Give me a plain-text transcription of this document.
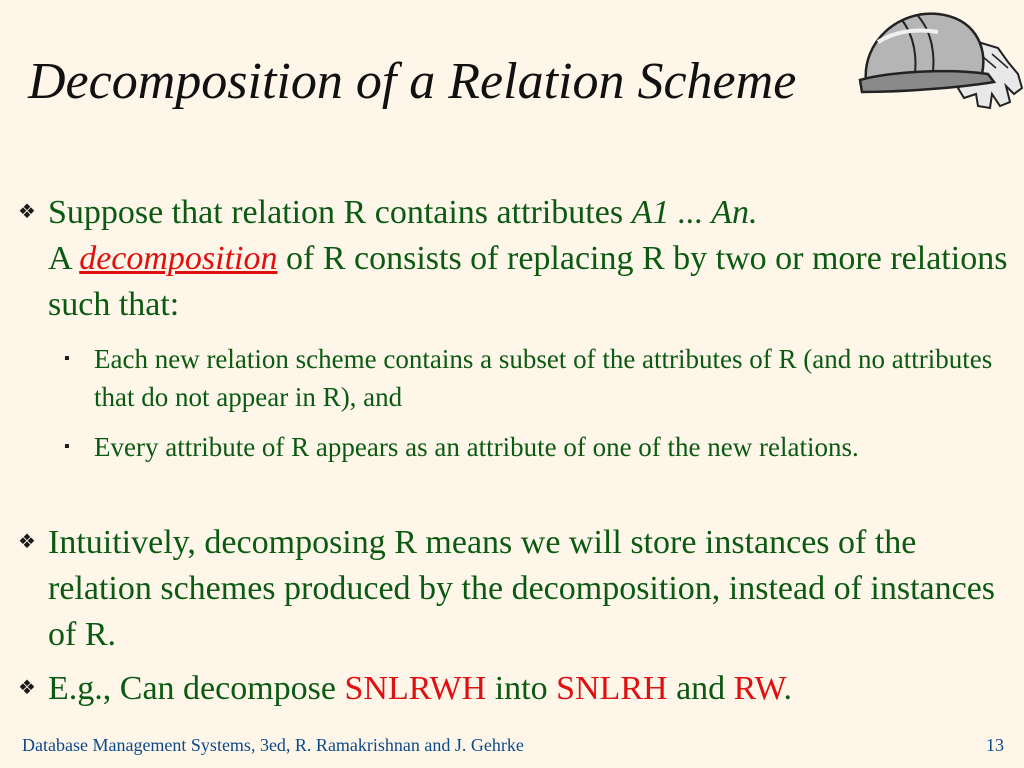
Decomposition of a Relation Scheme
❖ Suppose that relation R contains attributes A1 ... An.
A decomposition of R consists of replacing R by two or more relations such that:
▪ Each new relation scheme contains a subset of the attributes of R (and no attributes that do not appear in R), and
▪ Every attribute of R appears as an attribute of one of the new relations.
❖ Intuitively, decomposing R means we will store instances of the relation schemes produced by the decomposition, instead of instances of R.
❖ E.g., Can decompose SNLRWH into SNLRH and RW.
Database Management Systems, 3ed, R. Ramakrishnan and J. Gehrke	13
